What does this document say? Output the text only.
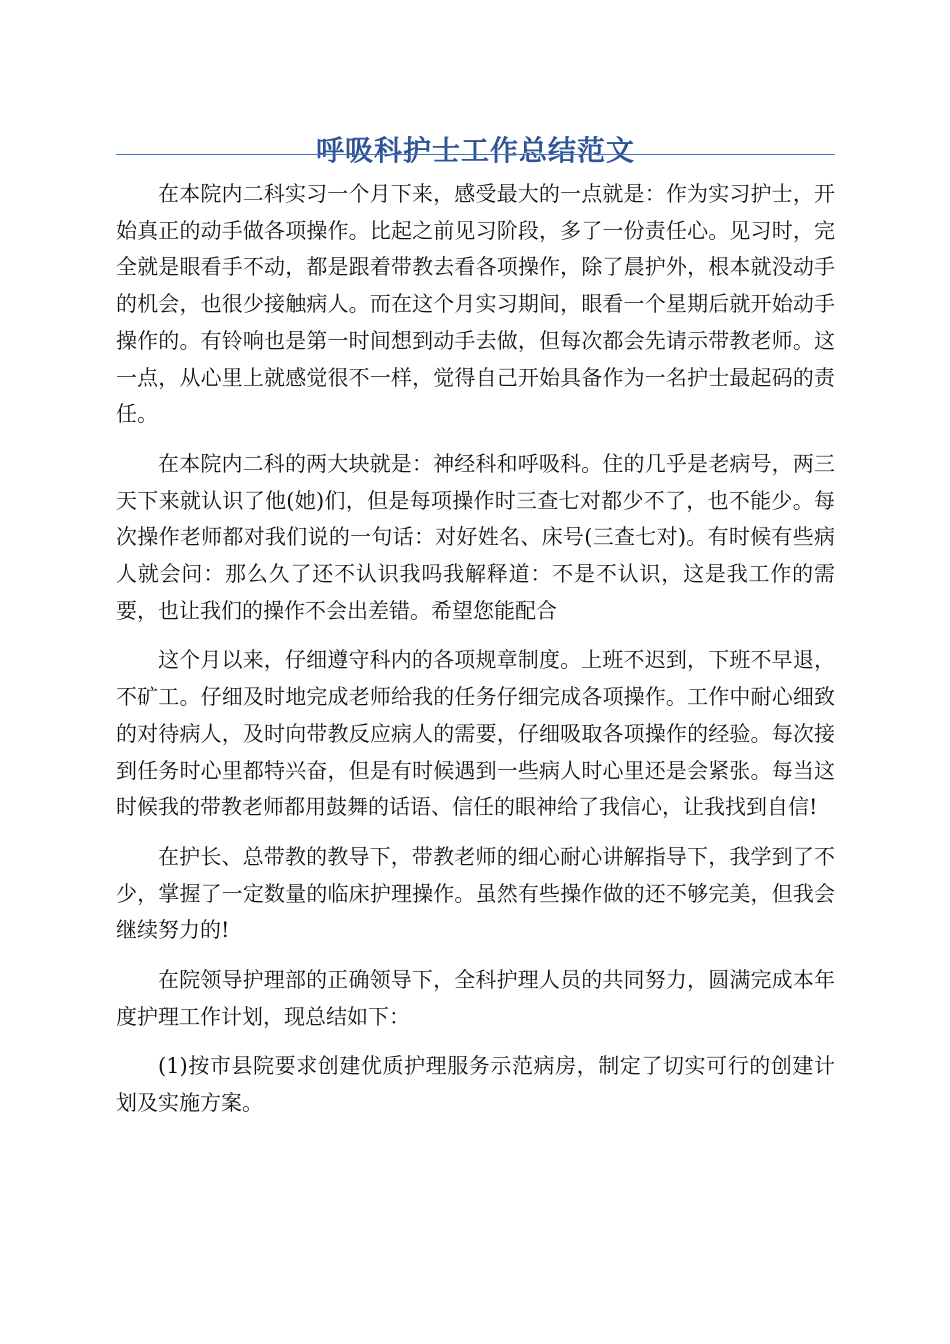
呼吸科护士工作总结范文

在本院内二科实习一个月下来，感受最大的一点就是：作为实习护士，开始真正的动手做各项操作。比起之前见习阶段，多了一份责任心。见习时，完全就是眼看手不动，都是跟着带教去看各项操作，除了晨护外，根本就没动手的机会，也很少接触病人。而在这个月实习期间，眼看一个星期后就开始动手操作的。有铃响也是第一时间想到动手去做，但每次都会先请示带教老师。这一点，从心里上就感觉很不一样，觉得自己开始具备作为一名护士最起码的责任。

在本院内二科的两大块就是：神经科和呼吸科。住的几乎是老病号，两三天下来就认识了他(她)们，但是每项操作时三查七对都少不了，也不能少。每次操作老师都对我们说的一句话：对好姓名、床号(三查七对)。有时候有些病人就会问：那么久了还不认识我吗我解释道：不是不认识，这是我工作的需要，也让我们的操作不会出差错。希望您能配合

这个月以来，仔细遵守科内的各项规章制度。上班不迟到，下班不早退，不矿工。仔细及时地完成老师给我的任务仔细完成各项操作。工作中耐心细致的对待病人，及时向带教反应病人的需要，仔细吸取各项操作的经验。每次接到任务时心里都特兴奋，但是有时候遇到一些病人时心里还是会紧张。每当这时候我的带教老师都用鼓舞的话语、信任的眼神给了我信心，让我找到自信!

在护长、总带教的教导下，带教老师的细心耐心讲解指导下，我学到了不少，掌握了一定数量的临床护理操作。虽然有些操作做的还不够完美，但我会继续努力的!

在院领导护理部的正确领导下，全科护理人员的共同努力，圆满完成本年度护理工作计划，现总结如下：

(1)按市县院要求创建优质护理服务示范病房，制定了切实可行的创建计划及实施方案。
